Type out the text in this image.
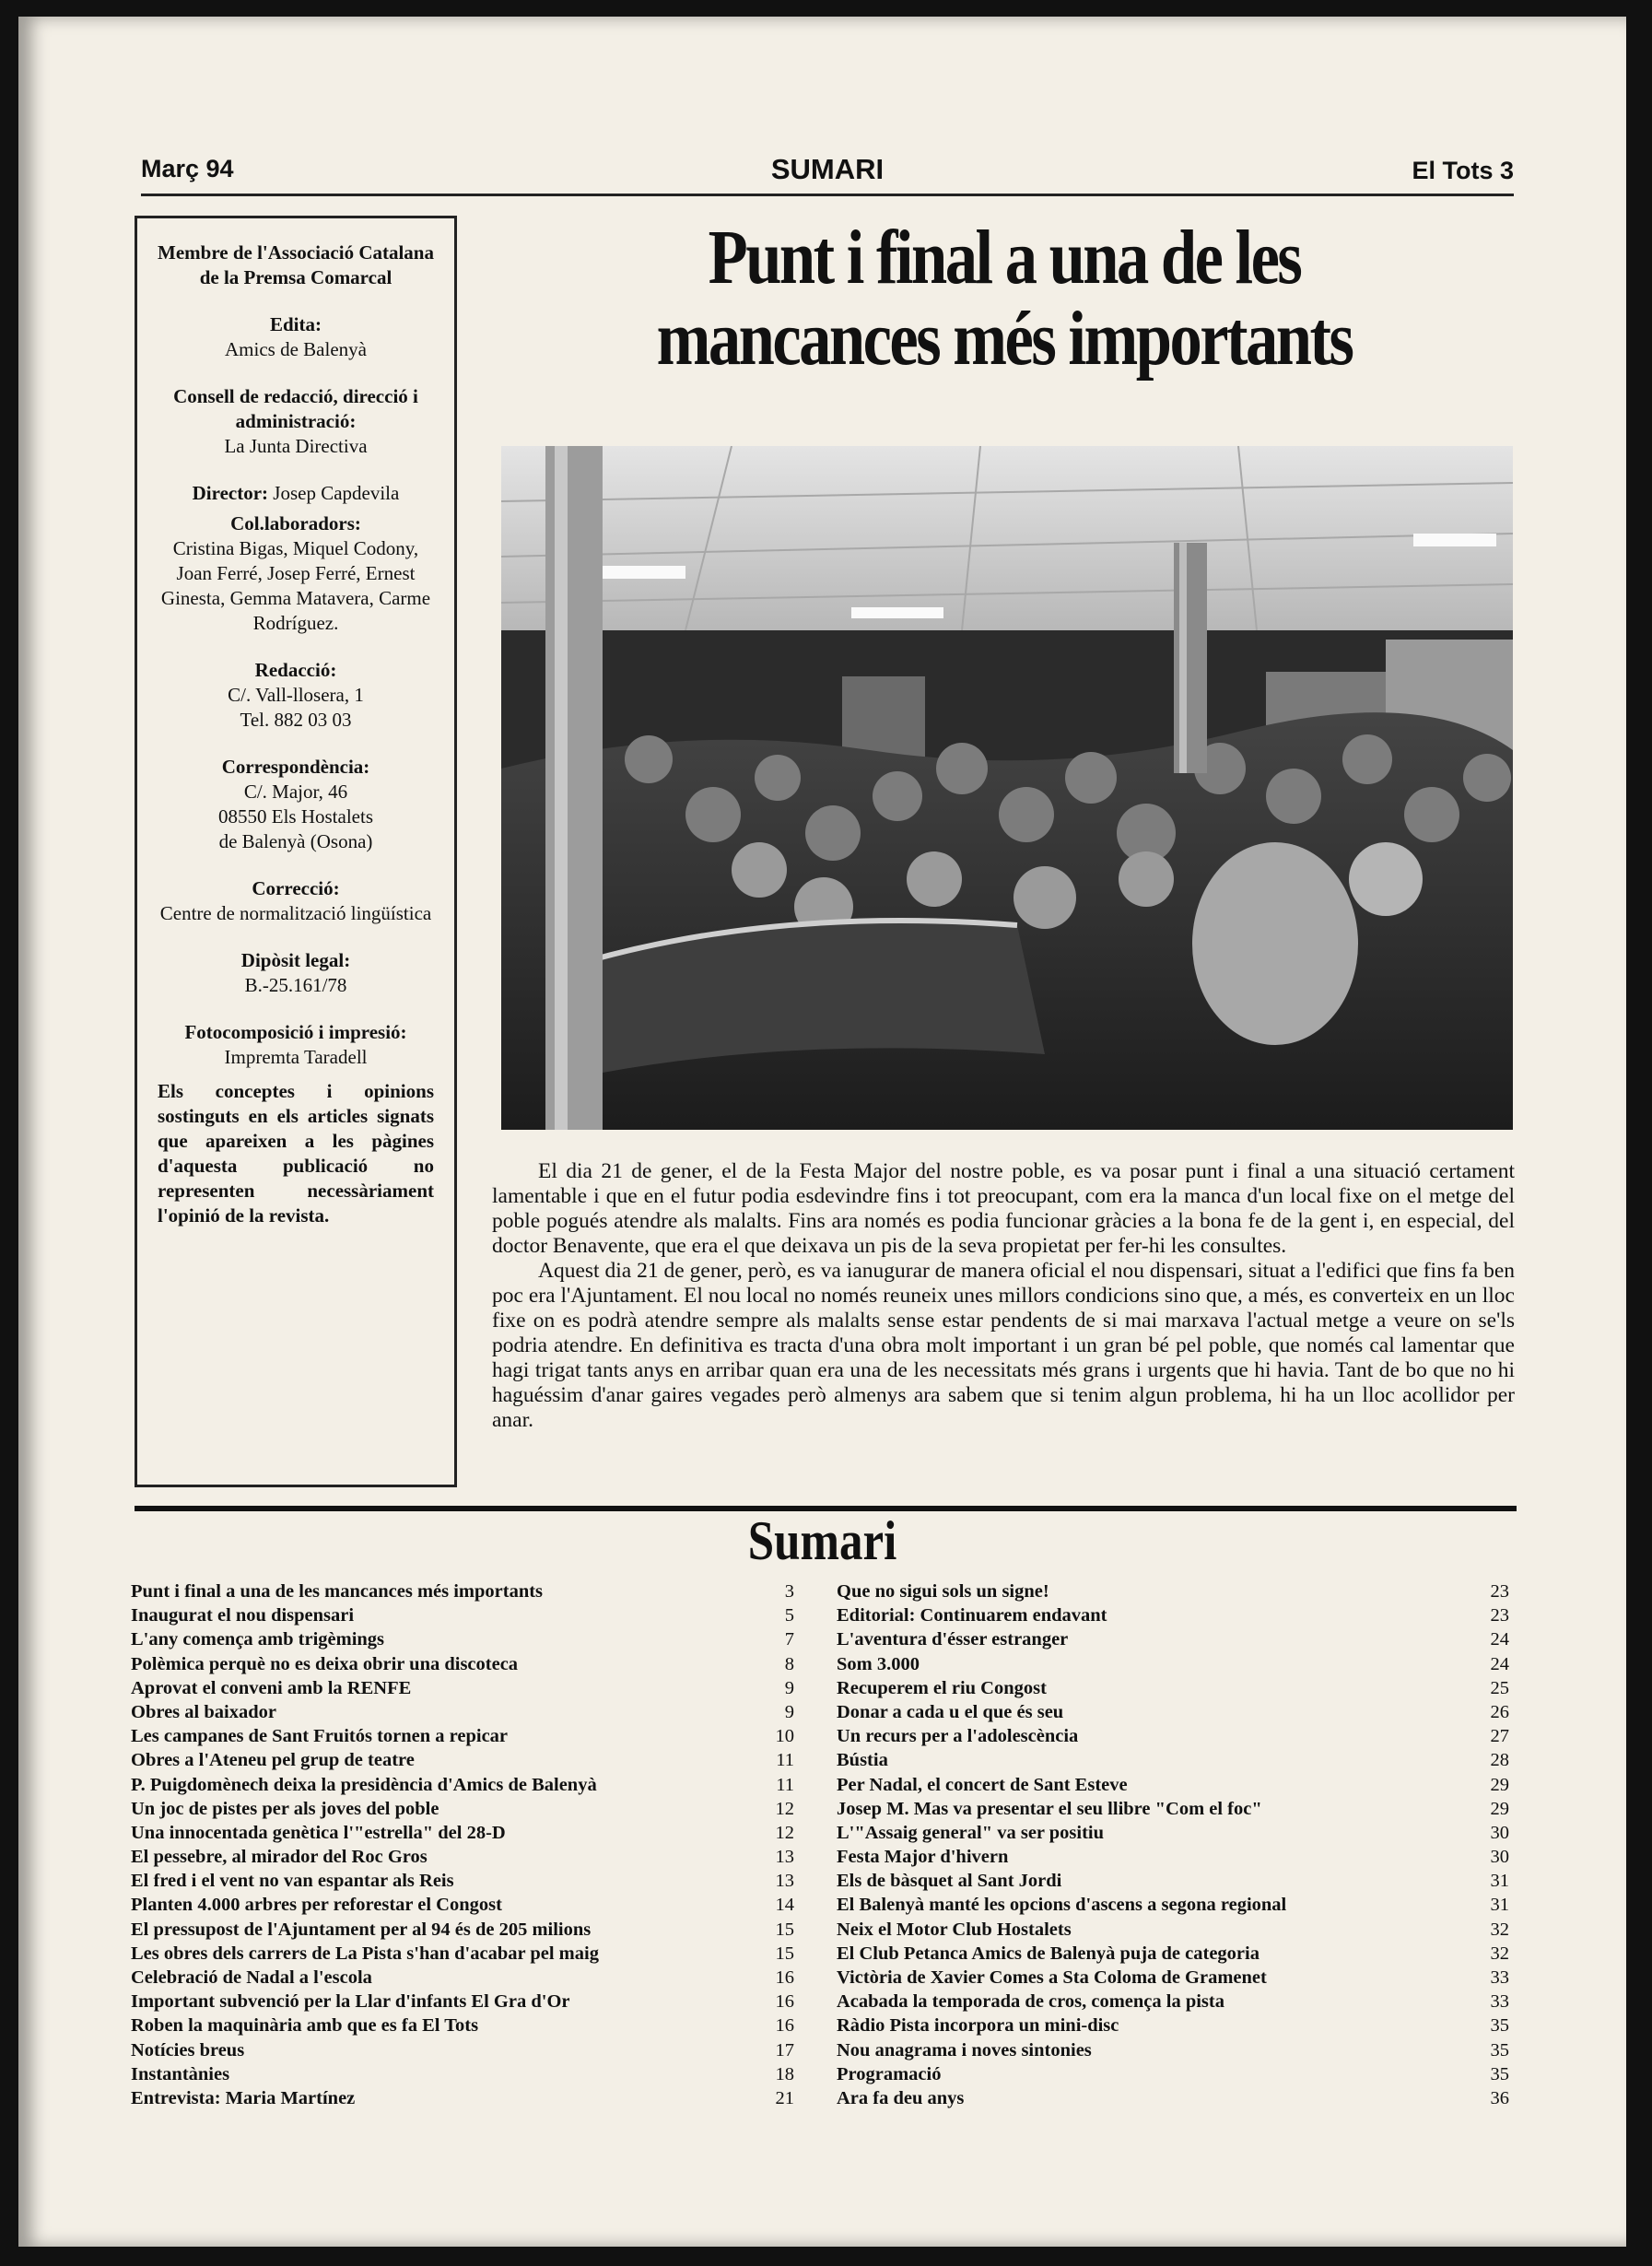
Març 94	SUMARI	El Tots 3
Membre de l'Associació Catalana de la Premsa Comarcal
Edita:
Amics de Balenyà
Consell de redacció, direcció i administració:
La Junta Directiva
Director: Josep Capdevila
Col.laboradors:
Cristina Bigas, Miquel Codony, Joan Ferré, Josep Ferré, Ernest Ginesta, Gemma Matavera, Carme Rodríguez.
Redacció:
C/. Vall-llosera, 1
Tel. 882 03 03
Correspondència:
C/. Major, 46
08550 Els Hostalets
de Balenyà (Osona)
Correcció:
Centre de normalització lingüística
Dipòsit legal:
B.-25.161/78
Fotocomposició i impresió:
Impremta Taradell
Els conceptes i opinions sostinguts en els articles signats que apareixen a les pàgines d'aquesta publicació no representen necessàriament l'opinió de la revista.
Punt i final a una de les mancances més importants

El dia 21 de gener, el de la Festa Major del nostre poble, es va posar punt i final a una situació certament lamentable i que en el futur podia esdevindre fins i tot preocupant, com era la manca d'un local fixe on el metge del poble pogués atendre als malalts. Fins ara només es podia funcionar gràcies a la bona fe de la gent i, en especial, del doctor Benavente, que era el que deixava un pis de la seva propietat per fer-hi les consultes.

Aquest dia 21 de gener, però, es va ianugurar de manera oficial el nou dispensari, situat a l'edifici que fins fa ben poc era l'Ajuntament. El nou local no només reuneix unes millors condicions sino que, a més, es converteix en un lloc fixe on es podrà atendre sempre als malalts sense estar pendents de si mai marxava l'actual metge a veure on se'ls podria atendre. En definitiva es tracta d'una obra molt important i un gran bé pel poble, que només cal lamentar que hagi trigat tants anys en arribar quan era una de les necessitats més grans i urgents que hi havia. Tant de bo que no hi haguéssim d'anar gaires vegades però almenys ara sabem que si tenim algun problema, hi ha un lloc acollidor per anar.

Sumari
Punt i final a una de les mancances més importants	3
Inaugurat el nou dispensari	5
L'any comença amb trigèmings	7
Polèmica perquè no es deixa obrir una discoteca	8
Aprovat el conveni amb la RENFE	9
Obres al baixador	9
Les campanes de Sant Fruitós tornen a repicar	10
Obres a l'Ateneu pel grup de teatre	11
P. Puigdomènech deixa la presidència d'Amics de Balenyà	11
Un joc de pistes per als joves del poble	12
Una innocentada genètica l'"estrella" del 28-D	12
El pessebre, al mirador del Roc Gros	13
El fred i el vent no van espantar als Reis	13
Planten 4.000 arbres per reforestar el Congost	14
El pressupost de l'Ajuntament per al 94 és de 205 milions	15
Les obres dels carrers de La Pista s'han d'acabar pel maig	15
Celebració de Nadal a l'escola	16
Important subvenció per la Llar d'infants El Gra d'Or	16
Roben la maquinària amb que es fa El Tots	16
Notícies breus	17
Instantànies	18
Entrevista: Maria Martínez	21
Que no sigui sols un signe!	23
Editorial: Continuarem endavant	23
L'aventura d'ésser estranger	24
Som 3.000	24
Recuperem el riu Congost	25
Donar a cada u el que és seu	26
Un recurs per a l'adolescència	27
Bústia	28
Per Nadal, el concert de Sant Esteve	29
Josep M. Mas va presentar el seu llibre "Com el foc"	29
L'"Assaig general" va ser positiu	30
Festa Major d'hivern	30
Els de bàsquet al Sant Jordi	31
El Balenyà manté les opcions d'ascens a segona regional	31
Neix el Motor Club Hostalets	32
El Club Petanca Amics de Balenyà puja de categoria	32
Victòria de Xavier Comes a Sta Coloma de Gramenet	33
Acabada la temporada de cros, comença la pista	33
Ràdio Pista incorpora un mini-disc	35
Nou anagrama i noves sintonies	35
Programació	35
Ara fa deu anys	36
